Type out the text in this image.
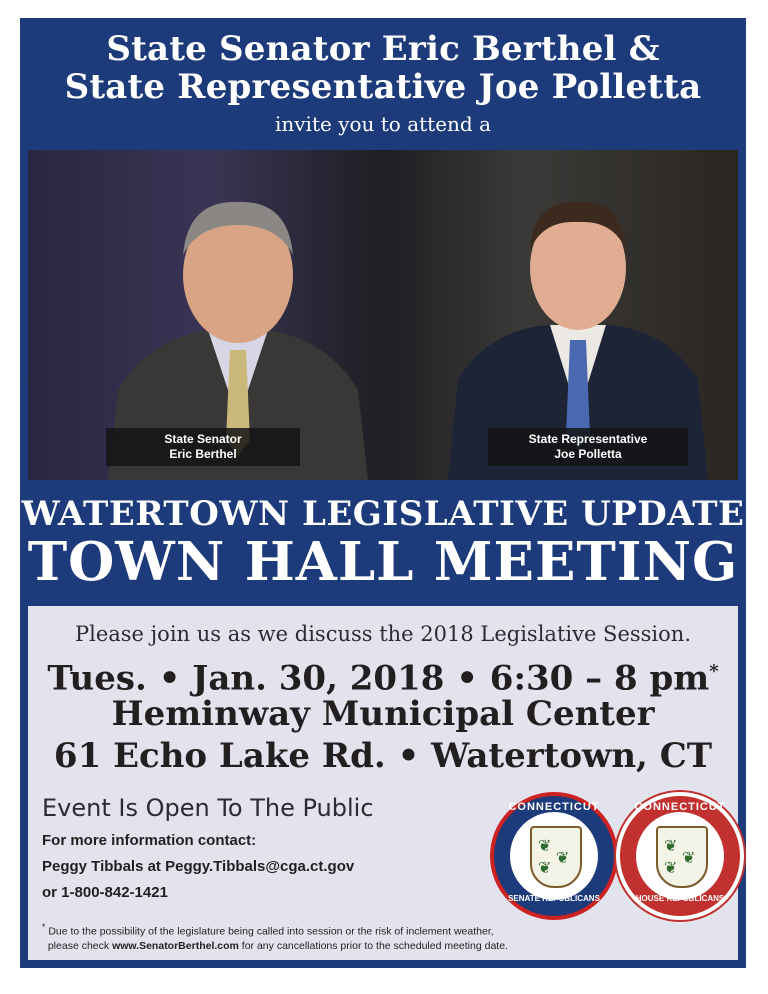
State Senator Eric Berthel &
State Representative Joe Polletta
invite you to attend a
State Senator
Eric Berthel
State Representative
Joe Polletta
WATERTOWN LEGISLATIVE UPDATE
TOWN HALL MEETING
Please join us as we discuss the 2018 Legislative Session.
Tues. • Jan. 30, 2018 • 6:30 – 8 pm*
Heminway Municipal Center
61 Echo Lake Rd. • Watertown, CT
Event Is Open To The Public
For more information contact:
Peggy Tibbals at Peggy.Tibbals@cga.ct.gov
or 1-800-842-1421
❦
❦
❦
CONNECTICUT
SENATE REPUBLICANS
❦
❦
❦
CONNECTICUT
HOUSE REPUBLICANS
* Due to the possibility of the legislature being called into session or the risk of inclement weather,
please check www.SenatorBerthel.com for any cancellations prior to the scheduled meeting date.
